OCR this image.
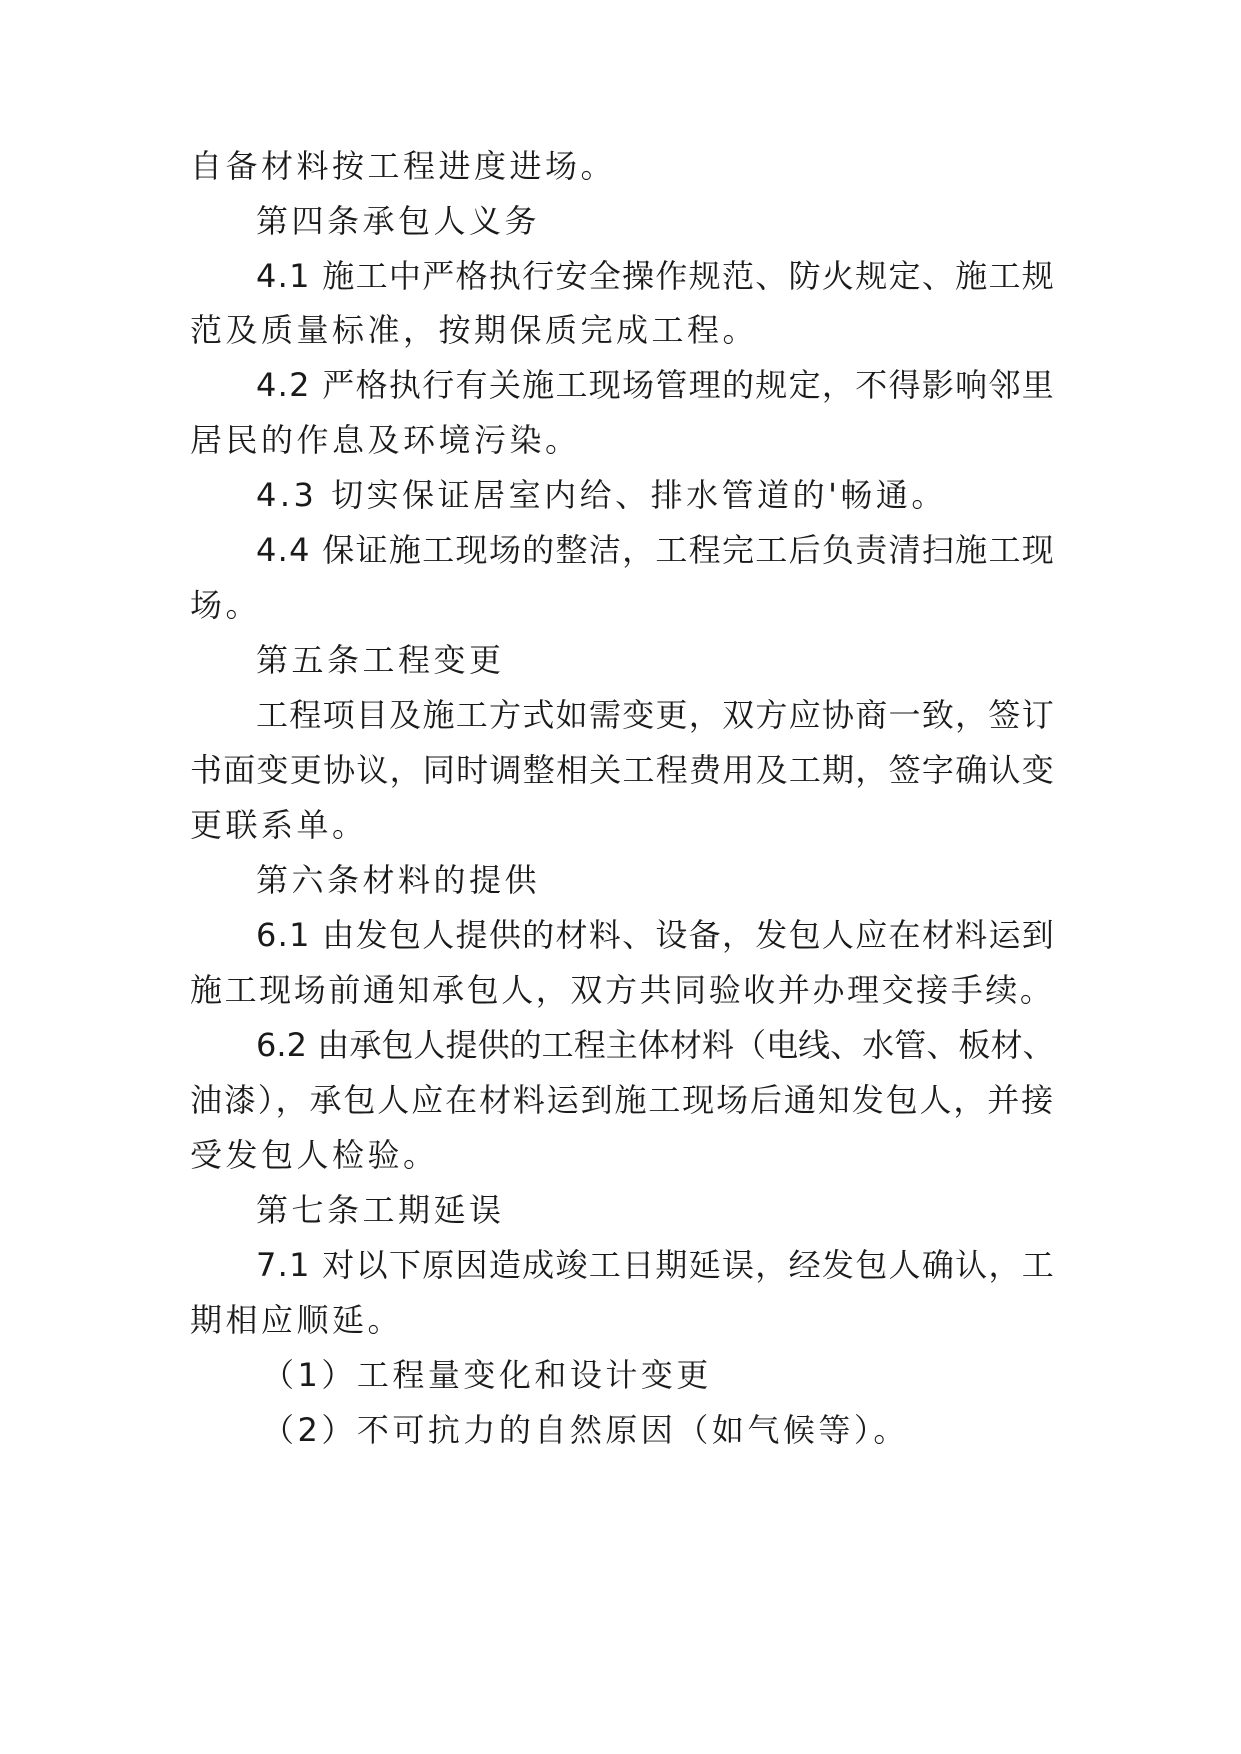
自备材料按工程进度进场。

第四条承包人义务

4.1 施工中严格执行安全操作规范、防火规定、施工规

范及质量标准，按期保质完成工程。

4.2 严格执行有关施工现场管理的规定，不得影响邻里

居民的作息及环境污染。

4.3 切实保证居室内给、排水管道的'畅通。

4.4 保证施工现场的整洁，工程完工后负责清扫施工现

场。

第五条工程变更

工程项目及施工方式如需变更，双方应协商一致，签订

书面变更协议，同时调整相关工程费用及工期，签字确认变

更联系单。

第六条材料的提供

6.1 由发包人提供的材料、设备，发包人应在材料运到

施工现场前通知承包人，双方共同验收并办理交接手续。

6.2 由承包人提供的工程主体材料（电线、水管、板材、

油漆），承包人应在材料运到施工现场后通知发包人，并接

受发包人检验。

第七条工期延误

7.1 对以下原因造成竣工日期延误，经发包人确认，工

期相应顺延。

（1）工程量变化和设计变更

（2）不可抗力的自然原因（如气候等）。
